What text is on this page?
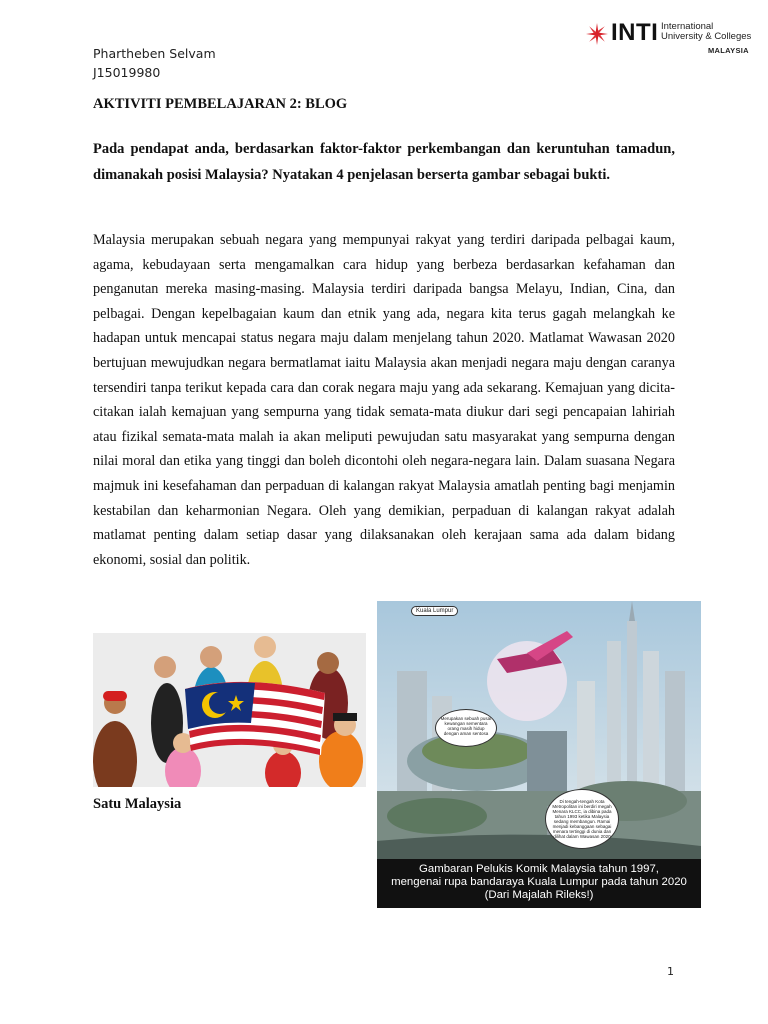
Phartheben Selvam
J15019980
INTI International
University & Colleges
MALAYSIA
AKTIVITI PEMBELAJARAN 2: BLOG
Pada pendapat anda, berdasarkan faktor-faktor perkembangan dan keruntuhan tamadun, dimanakah posisi Malaysia? Nyatakan 4 penjelasan berserta gambar sebagai bukti.
Malaysia merupakan sebuah negara yang mempunyai rakyat yang terdiri daripada pelbagai kaum, agama, kebudayaan serta mengamalkan cara hidup yang berbeza berdasarkan kefahaman dan penganutan mereka masing-masing. Malaysia terdiri daripada bangsa Melayu, Indian, Cina, dan pelbagai. Dengan kepelbagaian kaum dan etnik yang ada, negara kita terus gagah melangkah ke hadapan untuk mencapai status negara maju dalam menjelang tahun 2020. Matlamat Wawasan 2020 bertujuan mewujudkan negara bermatlamat iaitu Malaysia akan menjadi negara maju dengan caranya tersendiri tanpa terikut kepada cara dan corak negara maju yang ada sekarang. Kemajuan yang dicita-citakan ialah kemajuan yang sempurna yang tidak semata-mata diukur dari segi pencapaian lahiriah atau fizikal semata-mata malah ia akan meliputi pewujudan satu masyarakat yang sempurna dengan nilai moral dan etika yang tinggi dan boleh dicontohi oleh negara-negara lain. Dalam suasana Negara majmuk ini kesefahaman dan perpaduan di kalangan rakyat Malaysia amatlah penting bagi menjamin kestabilan dan keharmonian Negara. Oleh yang demikian, perpaduan di kalangan rakyat adalah matlamat penting dalam setiap dasar yang dilaksanakan oleh kerajaan sama ada dalam bidang ekonomi, sosial dan politik.
Satu Malaysia
Kuala Lumpur
Merupakan sebuah pusat kewangan sementara orang masih hidup dengan aman sentosa
Di tengah-tengah Kota Metropolitan ini berdiri megah Menara KLCC, ia dibina pada tahun 1993 ketika Malaysia sedang membangun. Ramai menjadi kebanggaan sebagai menara tertinggi di dunia dan dilihat dalam Wawasan 2020
Gambaran Pelukis Komik Malaysia tahun 1997,
mengenai rupa bandaraya Kuala Lumpur pada tahun 2020
(Dari Majalah Rileks!)
1
